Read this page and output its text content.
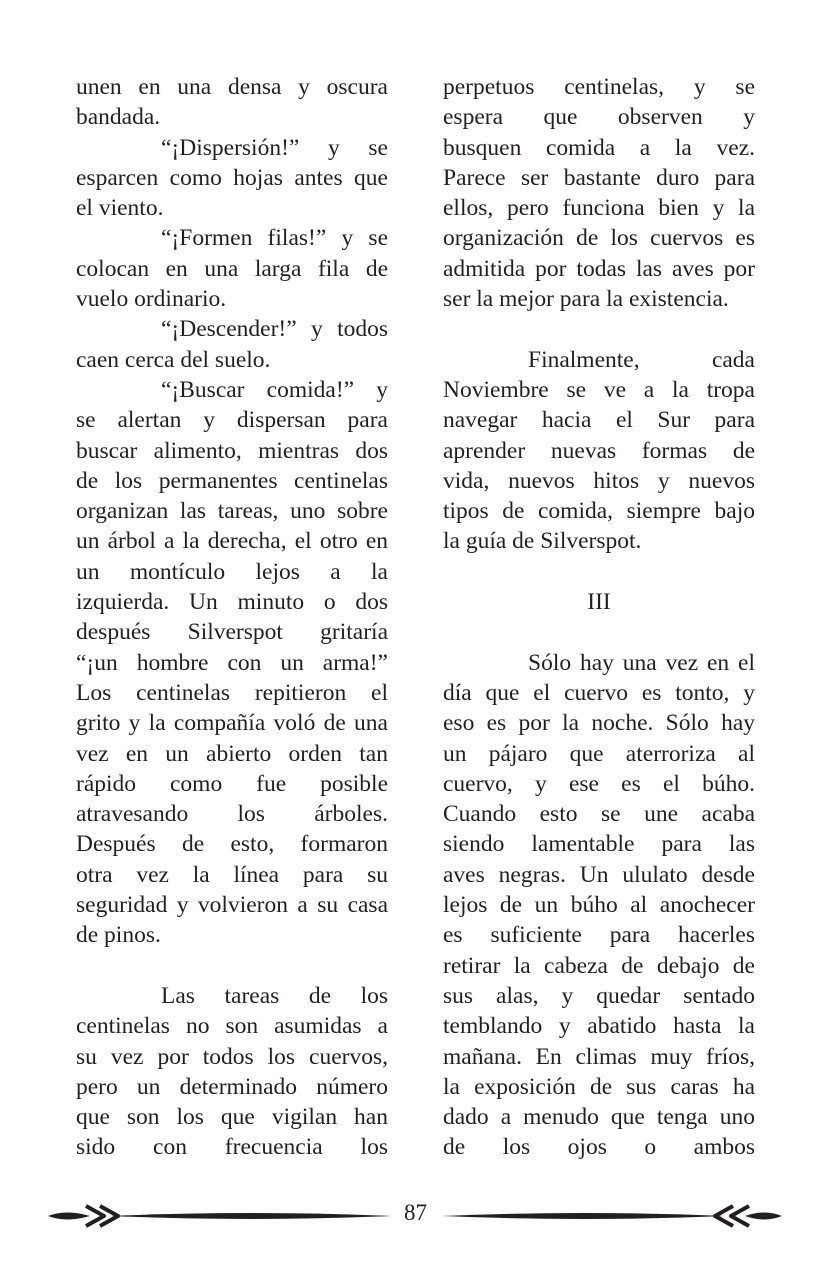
unen en una densa y oscura
bandada.
“¡Dispersión!” y se
esparcen como hojas antes que
el viento.
“¡Formen filas!” y se
colocan en una larga fila de
vuelo ordinario.
“¡Descender!” y todos
caen cerca del suelo.
“¡Buscar comida!” y
se alertan y dispersan para
buscar alimento, mientras dos
de los permanentes centinelas
organizan las tareas, uno sobre
un árbol a la derecha, el otro en
un montículo lejos a la
izquierda. Un minuto o dos
después Silverspot gritaría
“¡un hombre con un arma!”
Los centinelas repitieron el
grito y la compañía voló de una
vez en un abierto orden tan
rápido como fue posible
atravesando los árboles.
Después de esto, formaron
otra vez la línea para su
seguridad y volvieron a su casa
de pinos.
Las tareas de los
centinelas no son asumidas a
su vez por todos los cuervos,
pero un determinado número
que son los que vigilan han
sido con frecuencia los
perpetuos centinelas, y se
espera que observen y
busquen comida a la vez.
Parece ser bastante duro para
ellos, pero funciona bien y la
organización de los cuervos es
admitida por todas las aves por
ser la mejor para la existencia.
Finalmente, cada
Noviembre se ve a la tropa
navegar hacia el Sur para
aprender nuevas formas de
vida, nuevos hitos y nuevos
tipos de comida, siempre bajo
la guía de Silverspot.
III
Sólo hay una vez en el
día que el cuervo es tonto, y
eso es por la noche. Sólo hay
un pájaro que aterroriza al
cuervo, y ese es el búho.
Cuando esto se une acaba
siendo lamentable para las
aves negras. Un ululato desde
lejos de un búho al anochecer
es suficiente para hacerles
retirar la cabeza de debajo de
sus alas, y quedar sentado
temblando y abatido hasta la
mañana. En climas muy fríos,
la exposición de sus caras ha
dado a menudo que tenga uno
de los ojos o ambos
87
